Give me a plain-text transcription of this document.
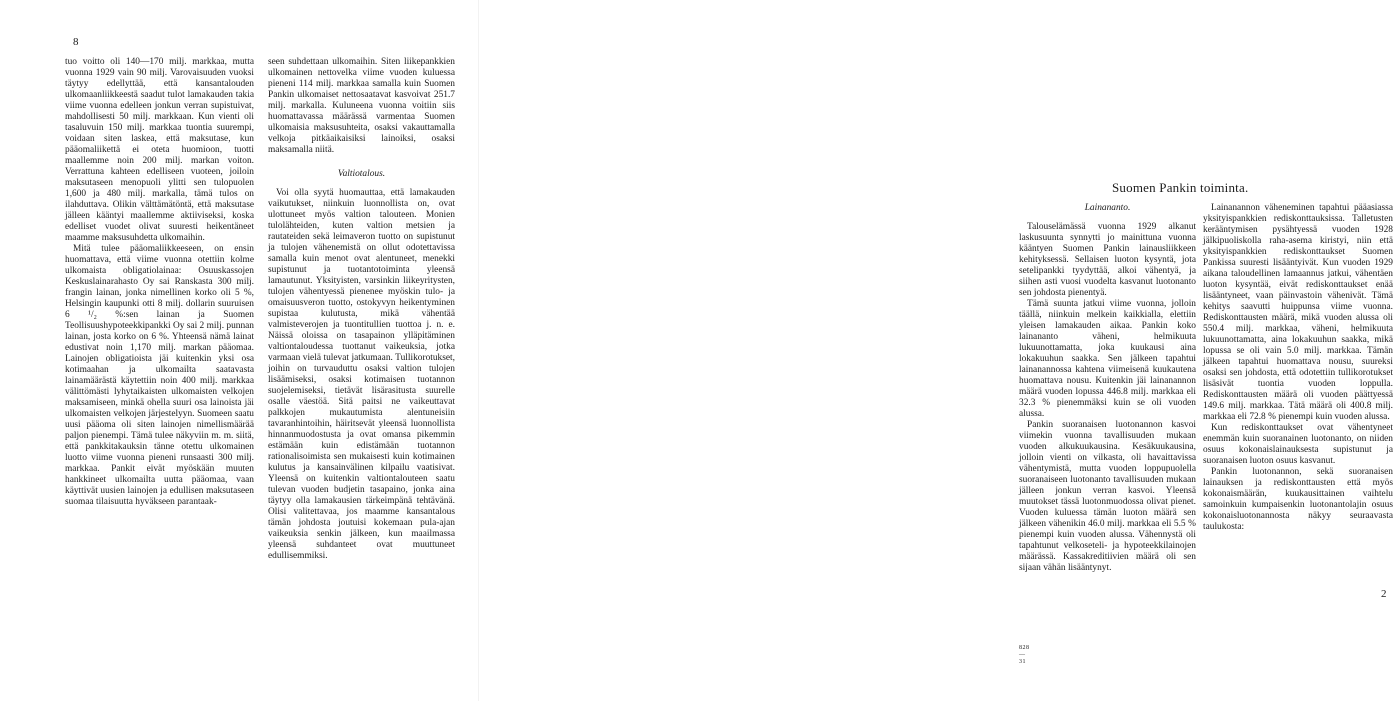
8

tuo voitto oli 140—170 milj. markkaa, mutta vuonna 1929 vain 90 milj. Varovaisuuden vuoksi täytyy edellyttää, että kansantalouden ulkomaanliikkeestä saadut tulot lamakauden takia viime vuonna edelleen jonkun verran supistuivat, mahdollisesti 50 milj. markkaan. Kun vienti oli tasaluvuin 150 milj. markkaa tuontia suurempi, voidaan siten laskea, että maksutase, kun pääomaliikettä ei oteta huomioon, tuotti maallemme noin 200 milj. markan voiton. Verrattuna kahteen edelliseen vuoteen, joiloin maksutaseen menopuoli ylitti sen tulopuolen 1,600 ja 480 milj. markalla, tämä tulos on ilahduttava. Olikin välttämätöntä, että maksutase jälleen kääntyi maallemme aktiiviseksi, koska edelliset vuodet olivat suuresti heikentäneet maamme maksusuhdetta ulkomaihin.

Mitä tulee pääomaliikkeeseen, on ensin huomattava, että viime vuonna otettiin kolme ulkomaista obligatiolainaa: Osuuskassojen Keskuslainarahasto Oy sai Ranskasta 300 milj. frangin lainan, jonka nimellinen korko oli 5 %, Helsingin kaupunki otti 8 milj. dollarin suuruisen 6 ¹/₂ %:sen lainan ja Suomen Teollisuushypoteekkipankki Oy sai 2 milj. punnan lainan, josta korko on 6 %. Yhteensä nämä lainat edustivat noin 1,170 milj. markan pääomaa. Lainojen obligatioista jäi kuitenkin yksi osa kotimaahan ja ulkomailta saatavasta lainamäärästä käytettiin noin 400 milj. markkaa välittömästi lyhytaikaisten ulkomaisten velkojen maksamiseen, minkä ohella suuri osa lainoista jäi ulkomaisten velkojen järjestelyyn. Suomeen saatu uusi pääoma oli siten lainojen nimellismäärää paljon pienempi. Tämä tulee näkyviin m. m. siitä, että pankkitakauksin tänne otettu ulkomainen luotto viime vuonna pieneni runsaasti 300 milj. markkaa. Pankit eivät myöskään muuten hankkineet ulkomailta uutta pääomaa, vaan käyttivät uusien lainojen ja edullisen maksutaseen suomaa tilaisuutta hyväkseen parantaak-

seen suhdettaan ulkomaihin. Siten liikepankkien ulkomainen nettovelka viime vuoden kuluessa pieneni 114 milj. markkaa samalla kuin Suomen Pankin ulkomaiset nettosaatavat kasvoivat 251.7 milj. markalla. Kuluneena vuonna voitiin siis huomattavassa määrässä varmentaa Suomen ulkomaisia maksusuhteita, osaksi vakauttamalla velkoja pitkäaikaisiksi lainoiksi, osaksi maksamalla niitä.

Valtiotalous.

Voi olla syytä huomauttaa, että lamakauden vaikutukset, niinkuin luonnollista on, ovat ulottuneet myös valtion talouteen. Monien tulolähteiden, kuten valtion metsien ja rautateiden sekä leimaveron tuotto on supistunut ja tulojen vähenemistä on ollut odotettavissa samalla kuin menot ovat alentuneet, menekki supistunut ja tuotantotoiminta yleensä lamautunut. Yksityisten, varsinkin liikeyritysten, tulojen vähentyessä pienenee myöskin tulo- ja omaisuusveron tuotto, ostokyvyn heikentyminen supistaa kulutusta, mikä vähentää valmisteverojen ja tuontitullien tuottoa j. n. e. Näissä oloissa on tasapainon ylläpitäminen valtiontaloudessa tuottanut vaikeuksia, jotka varmaan vielä tulevat jatkumaan. Tullikorotukset, joihin on turvauduttu osaksi valtion tulojen lisäämiseksi, osaksi kotimaisen tuotannon suojelemiseksi, tietävät lisärasitusta suurelle osalle väestöä. Sitä paitsi ne vaikeuttavat palkkojen mukautumista alentuneisiin tavaranhintoihin, häiritsevät yleensä luonnollista hinnanmuodostusta ja ovat omansa pikemmin estämään kuin edistämään tuotannon rationalisoimista sen mukaisesti kuin kotimainen kulutus ja kansainvälinen kilpailu vaatisivat. Yleensä on kuitenkin valtiontalouteen saatu tulevan vuoden budjetin tasapaino, jonka aina täytyy olla lamakausien tärkeimpänä tehtävänä. Olisi valitettavaa, jos maamme kansantalous tämän johdosta joutuisi kokemaan pula-ajan vaikeuksia senkin jälkeen, kun maailmassa yleensä suhdanteet ovat muuttuneet edullisemmiksi.

Suomen Pankin toiminta.

Lainananto.

Talouselämässä vuonna 1929 alkanut laskusuunta synnytti jo mainittuna vuonna kääntyen Suomen Pankin lainausliikkeen kehityksessä. Sellaisen luoton kysyntä, jota setelipankki tyydyttää, alkoi vähentyä, ja siihen asti vuosi vuodelta kasvanut luotonanto sen johdosta pienentyä.

Tämä suunta jatkui viime vuonna, jolloin täällä, niinkuin melkein kaikkialla, elettiin yleisen lamakauden aikaa. Pankin koko lainananto väheni, helmikuuta lukuunottamatta, joka kuukausi aina lokakuuhun saakka. Sen jälkeen tapahtui lainanannossa kahtena viimeisenä kuukautena huomattava nousu. Kuitenkin jäi lainanannon määrä vuoden lopussa 446.8 milj. markkaa eli 32.3 % pienemmäksi kuin se oli vuoden alussa.

Pankin suoranaisen luotonannon kasvoi viimekin vuonna tavallisuuden mukaan vuoden alkukuukausina. Kesäkuukausina, jolloin vienti on vilkasta, oli havaittavissa vähentymistä, mutta vuoden loppupuolella suoranaiseen luotonanto tavallisuuden mukaan jälleen jonkun verran kasvoi. Yleensä muutokset tässä luotonmuodossa olivat pienet. Vuoden kuluessa tämän luoton määrä sen jälkeen vähenikin 46.0 milj. markkaa eli 5.5 % pienempi kuin vuoden alussa. Vähennystä oli tapahtunut velkoseteli- ja hypoteekkilainojen määrässä. Kassakreditiivien määrä oli sen sijaan vähän lisääntynyt.

828—31

Lainanannon väheneminen tapahtui pääasiassa yksityispankkien rediskonttauksissa. Talletusten kerääntymisen pysähtyessä vuoden 1928 jälkipuoliskolla raha-asema kiristyi, niin että yksityispankkien rediskonttaukset Suomen Pankissa suuresti lisääntyivät. Kun vuoden 1929 aikana taloudellinen lamaannus jatkui, vähentäen luoton kysyntää, eivät rediskonttaukset enää lisääntyneet, vaan päinvastoin vähenivät. Tämä kehitys saavutti huippunsa viime vuonna. Rediskonttausten määrä, mikä vuoden alussa oli 550.4 milj. markkaa, väheni, helmikuuta lukuunottamatta, aina lokakuuhun saakka, mikä lopussa se oli vain 5.0 milj. markkaa. Tämän jälkeen tapahtui huomattava nousu, suureksi osaksi sen johdosta, että odotettiin tullikorotukset lisäsivät tuontia vuoden loppulla. Rediskonttausten määrä oli vuoden päättyessä 149.6 milj. markkaa. Tätä määrä oli 400.8 milj. markkaa eli 72.8 % pienempi kuin vuoden alussa.

Kun rediskonttaukset ovat vähentyneet enemmän kuin suoranainen luotonanto, on niiden osuus kokonaislainauksesta supistunut ja suoranaisen luoton osuus kasvanut.

Pankin luotonannon, sekä suoranaisen lainauksen ja rediskonttausten että myös kokonaismäärän, kuukausittainen vaihtelu samoinkuin kumpaisenkin luotonantolajin osuus kokonaisluotonannosta näkyy seuraavasta taulukosta:

2
